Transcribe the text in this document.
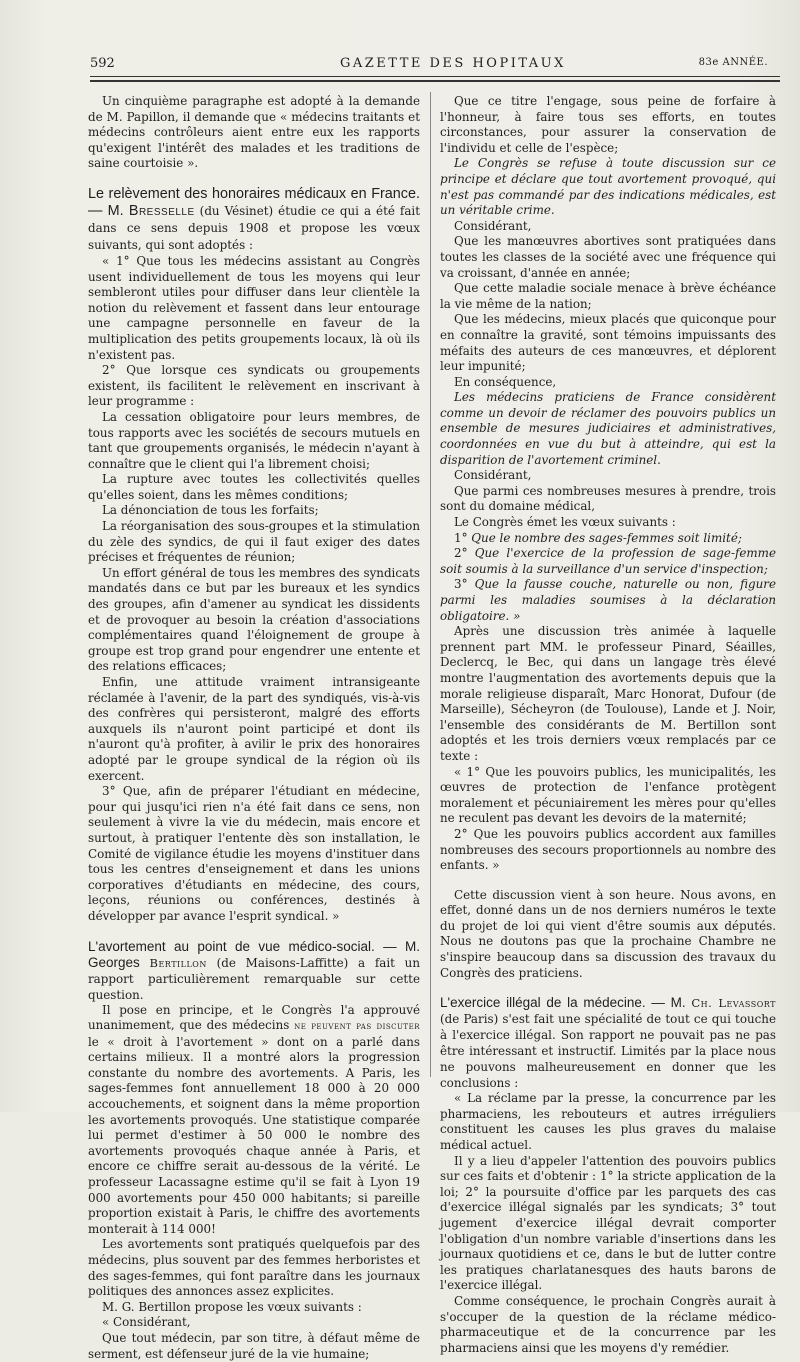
592	GAZETTE DES HOPITAUX	83e ANNÉE.

Un cinquième paragraphe est adopté à la demande de M. Papillon, il demande que « médecins traitants et médecins contrôleurs aient entre eux les rapports qu'exigent l'intérêt des malades et les traditions de saine courtoisie ».

Le relèvement des honoraires médicaux en France. — M. Bresselle (du Vésinet) étudie ce qui a été fait dans ce sens depuis 1908 et propose les vœux suivants, qui sont adoptés :

« 1° Que tous les médecins assistant au Congrès usent individuellement de tous les moyens qui leur sembleront utiles pour diffuser dans leur clientèle la notion du relèvement et fassent dans leur entourage une campagne personnelle en faveur de la multiplication des petits groupements locaux, là où ils n'existent pas.

2° Que lorsque ces syndicats ou groupements existent, ils facilitent le relèvement en inscrivant à leur programme :

La cessation obligatoire pour leurs membres, de tous rapports avec les sociétés de secours mutuels en tant que groupements organisés, le médecin n'ayant à connaître que le client qui l'a librement choisi;

La rupture avec toutes les collectivités quelles qu'elles soient, dans les mêmes conditions;

La dénonciation de tous les forfaits;

La réorganisation des sous-groupes et la stimulation du zèle des syndics, de qui il faut exiger des dates précises et fréquentes de réunion;

Un effort général de tous les membres des syndicats mandatés dans ce but par les bureaux et les syndics des groupes, afin d'amener au syndicat les dissidents et de provoquer au besoin la création d'associations complémentaires quand l'éloignement de groupe à groupe est trop grand pour engendrer une entente et des relations efficaces;

Enfin, une attitude vraiment intransigeante réclamée à l'avenir, de la part des syndiqués, vis-à-vis des confrères qui persisteront, malgré des efforts auxquels ils n'auront point participé et dont ils n'auront qu'à profiter, à avilir le prix des honoraires adopté par le groupe syndical de la région où ils exercent.

3° Que, afin de préparer l'étudiant en médecine, pour qui jusqu'ici rien n'a été fait dans ce sens, non seulement à vivre la vie du médecin, mais encore et surtout, à pratiquer l'entente dès son installation, le Comité de vigilance étudie les moyens d'instituer dans tous les centres d'enseignement et dans les unions corporatives d'étudiants en médecine, des cours, leçons, réunions ou conférences, destinés à développer par avance l'esprit syndical. »

L'avortement au point de vue médico-social. — M. Georges Bertillon (de Maisons-Laffitte) a fait un rapport particulièrement remarquable sur cette question.

Il pose en principe, et le Congrès l'a approuvé unanimement, que des médecins ne peuvent pas discuter le « droit à l'avortement » dont on a parlé dans certains milieux. Il a montré alors la progression constante du nombre des avortements. A Paris, les sages-femmes font annuellement 18 000 à 20 000 accouchements, et soignent dans la même proportion les avortements provoqués. Une statistique comparée lui permet d'estimer à 50 000 le nombre des avortements provoqués chaque année à Paris, et encore ce chiffre serait au-dessous de la vérité. Le professeur Lacassagne estime qu'il se fait à Lyon 19 000 avortements pour 450 000 habitants; si pareille proportion existait à Paris, le chiffre des avortements monterait à 114 000!

Les avortements sont pratiqués quelquefois par des médecins, plus souvent par des femmes herboristes et des sages-femmes, qui font paraître dans les journaux politiques des annonces assez explicites.

M. G. Bertillon propose les vœux suivants :

« Considérant,

Que tout médecin, par son titre, à défaut même de serment, est défenseur juré de la vie humaine;

Que ce titre l'engage, sous peine de forfaire à l'honneur, à faire tous ses efforts, en toutes circonstances, pour assurer la conservation de l'individu et celle de l'espèce;

Le Congrès se refuse à toute discussion sur ce principe et déclare que tout avortement provoqué, qui n'est pas commandé par des indications médicales, est un véritable crime.

Considérant,

Que les manœuvres abortives sont pratiquées dans toutes les classes de la société avec une fréquence qui va croissant, d'année en année;

Que cette maladie sociale menace à brève échéance la vie même de la nation;

Que les médecins, mieux placés que quiconque pour en connaître la gravité, sont témoins impuissants des méfaits des auteurs de ces manœuvres, et déplorent leur impunité;

En conséquence,

Les médecins praticiens de France considèrent comme un devoir de réclamer des pouvoirs publics un ensemble de mesures judiciaires et administratives, coordonnées en vue du but à atteindre, qui est la disparition de l'avortement criminel.

Considérant,

Que parmi ces nombreuses mesures à prendre, trois sont du domaine médical,

Le Congrès émet les vœux suivants :

1° Que le nombre des sages-femmes soit limité;

2° Que l'exercice de la profession de sage-femme soit soumis à la surveillance d'un service d'inspection;

3° Que la fausse couche, naturelle ou non, figure parmi les maladies soumises à la déclaration obligatoire. »

Après une discussion très animée à laquelle prennent part MM. le professeur Pinard, Séailles, Declercq, le Bec, qui dans un langage très élevé montre l'augmentation des avortements depuis que la morale religieuse disparaît, Marc Honorat, Dufour (de Marseille), Sécheyron (de Toulouse), Lande et J. Noir, l'ensemble des considérants de M. Bertillon sont adoptés et les trois derniers vœux remplacés par ce texte :

« 1° Que les pouvoirs publics, les municipalités, les œuvres de protection de l'enfance protègent moralement et pécuniairement les mères pour qu'elles ne reculent pas devant les devoirs de la maternité;

2° Que les pouvoirs publics accordent aux familles nombreuses des secours proportionnels au nombre des enfants. »

Cette discussion vient à son heure. Nous avons, en effet, donné dans un de nos derniers numéros le texte du projet de loi qui vient d'être soumis aux députés. Nous ne doutons pas que la prochaine Chambre ne s'inspire beaucoup dans sa discussion des travaux du Congrès des praticiens.

L'exercice illégal de la médecine. — M. Ch. Levassort (de Paris) s'est fait une spécialité de tout ce qui touche à l'exercice illégal. Son rapport ne pouvait pas ne pas être intéressant et instructif. Limités par la place nous ne pouvons malheureusement en donner que les conclusions :

« La réclame par la presse, la concurrence par les pharmaciens, les rebouteurs et autres irréguliers constituent les causes les plus graves du malaise médical actuel.

Il y a lieu d'appeler l'attention des pouvoirs publics sur ces faits et d'obtenir : 1° la stricte application de la loi; 2° la poursuite d'office par les parquets des cas d'exercice illégal signalés par les syndicats; 3° tout jugement d'exercice illégal devrait comporter l'obligation d'un nombre variable d'insertions dans les journaux quotidiens et ce, dans le but de lutter contre les pratiques charlatanesques des hauts barons de l'exercice illégal.

Comme conséquence, le prochain Congrès aurait à s'occuper de la question de la réclame médico-pharmaceutique et de la concurrence par les pharmaciens ainsi que les moyens d'y remédier.
